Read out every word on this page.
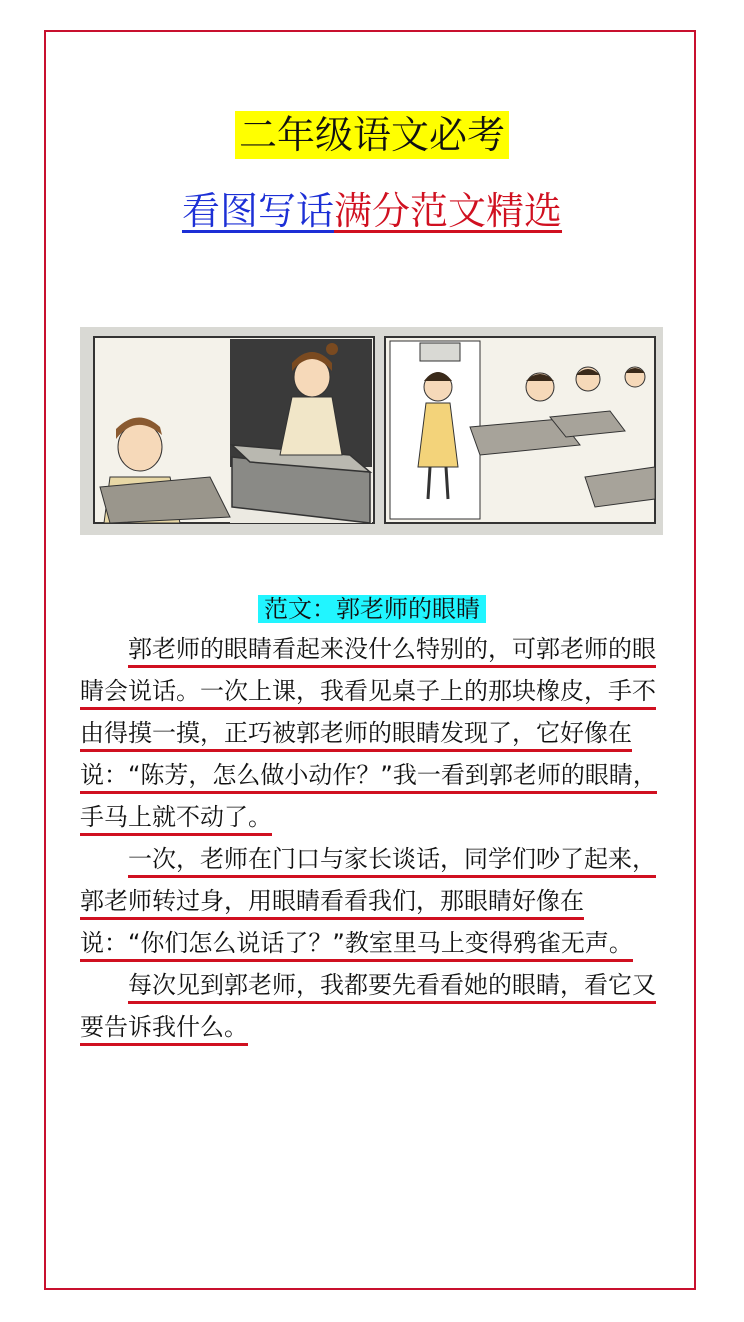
二年级语文必考
看图写话满分范文精选
范文：郭老师的眼睛

郭老师的眼睛看起来没什么特别的，可郭老师的眼睛会说话。一次上课，我看见桌子上的那块橡皮，手不由得摸一摸，正巧被郭老师的眼睛发现了，它好像在说：“陈芳，怎么做小动作？”我一看到郭老师的眼睛，手马上就不动了。

一次，老师在门口与家长谈话，同学们吵了起来，郭老师转过身，用眼睛看看我们，那眼睛好像在说：“你们怎么说话了？”教室里马上变得鸦雀无声。

每次见到郭老师，我都要先看看她的眼睛，看它又要告诉我什么。
